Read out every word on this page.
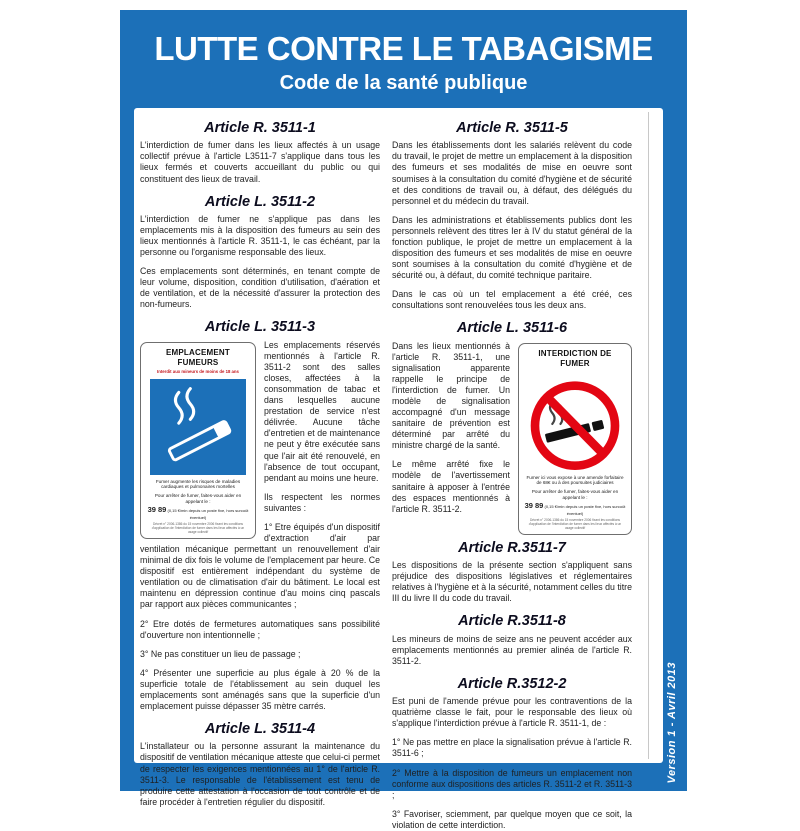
LUTTE CONTRE LE TABAGISME
Code de la santé publique
Article R. 3511-1

L'interdiction de fumer dans les lieux affectés à un usage collectif prévue à l'article L3511-7 s'applique dans tous les lieux fermés et couverts accueillant du public ou qui constituent des lieux de travail.

Article L. 3511-2

L'interdiction de fumer ne s'applique pas dans les emplacements mis à la disposition des fumeurs au sein des lieux mentionnés à l'article R. 3511-1, le cas échéant, par la personne ou l'organisme responsable des lieux.

Ces emplacements sont déterminés, en tenant compte de leur volume, disposition, condition d'utilisation, d'aération et de ventilation, et de la nécessité d'assurer la protection des non-fumeurs.

Article L. 3511-3
EMPLACEMENT FUMEURS
Interdit aux mineurs de moins de 18 ans
Fumer augmente les risques de maladies cardiaques et pulmonaires mortelles
Pour arrêter de fumer, faites-vous aider en appelant le :
39 89 (0,15 €/min depuis un poste fixe, hors surcoût éventuel)
Décret n° 2006-1386 du 15 novembre 2006 fixant les conditions d'application de l'interdiction de fumer dans les lieux affectés à un usage collectif

Les emplacements réservés mentionnés à l'article R. 3511-2 sont des salles closes, affectées à la consommation de tabac et dans lesquelles aucune prestation de service n'est délivrée. Aucune tâche d'entretien et de maintenance ne peut y être exécutée sans que l'air ait été renouvelé, en l'absence de tout occupant, pendant au moins une heure.

Ils respectent les normes suivantes :

1° Etre équipés d'un dispositif d'extraction d'air par ventilation mécanique permettant un renouvellement d'air minimal de dix fois le volume de l'emplacement par heure. Ce dispositif est entièrement indépendant du système de ventilation ou de climatisation d'air du bâtiment. Le local est maintenu en dépression continue d'au moins cinq pascals par rapport aux pièces communicantes ;

2° Etre dotés de fermetures automatiques sans possibilité d'ouverture non intentionnelle ;

3° Ne pas constituer un lieu de passage ;

4° Présenter une superficie au plus égale à 20 % de la superficie totale de l'établissement au sein duquel les emplacements sont aménagés sans que la superficie d'un emplacement puisse dépasser 35 mètre carrés.

Article L. 3511-4

L'installateur ou la personne assurant la maintenance du dispositif de ventilation mécanique atteste que celui-ci permet de respecter les exigences mentionnées au 1° de l'article R. 3511-3. Le responsable de l'établissement est tenu de produire cette attestation à l'occasion de tout contrôle et de faire procéder à l'entretien régulier du dispositif.

Article R. 3511-5

Dans les établissements dont les salariés relèvent du code du travail, le projet de mettre un emplacement à la disposition des fumeurs et ses modalités de mise en oeuvre sont soumises à la consultation du comité d'hygiène et de sécurité et des conditions de travail ou, à défaut, des délégués du personnel et du médecin du travail.

Dans les administrations et établissements publics dont les personnels relèvent des titres Ier à IV du statut général de la fonction publique, le projet de mettre un emplacement à la disposition des fumeurs et ses modalités de mise en oeuvre sont soumises à la consultation du comité d'hygiène et de sécurité ou, à défaut, du comité technique paritaire.

Dans le cas où un tel emplacement a été créé, ces consultations sont renouvelées tous les deux ans.

Article L. 3511-6
INTERDICTION DE FUMER
Fumer ici vous expose à une amende forfaitaire de 68€ ou à des poursuites judiciaires
Pour arrêter de fumer, faites-vous aider en appelant le :
39 89 (0,15 €/min depuis un poste fixe, hors surcoût éventuel)
Décret n° 2006-1386 du 15 novembre 2006 fixant les conditions d'application de l'interdiction de fumer dans les lieux affectés à un usage collectif

Dans les lieux mentionnés à l'article R. 3511-1, une signalisation apparente rappelle le principe de l'interdiction de fumer. Un modèle de signalisation accompagné d'un message sanitaire de prévention est déterminé par arrêté du ministre chargé de la santé.

Le même arrêté fixe le modèle de l'avertissement sanitaire à apposer à l'entrée des espaces mentionnés à l'article R. 3511-2.

Article R.3511-7

Les dispositions de la présente section s'appliquent sans préjudice des dispositions législatives et réglementaires relatives à l'hygiène et à la sécurité, notamment celles du titre III du livre II du code du travail.

Article R.3511-8

Les mineurs de moins de seize ans ne peuvent accéder aux emplacements mentionnés au premier alinéa de l'article R. 3511-2.

Article R.3512-2

Est puni de l'amende prévue pour les contraventions de la quatrième classe le fait, pour le responsable des lieux où s'applique l'interdiction prévue à l'article R. 3511-1, de :

1° Ne pas mettre en place la signalisation prévue à l'article R. 3511-6 ;

2° Mettre à la disposition de fumeurs un emplacement non conforme aux dispositions des articles R. 3511-2 et R. 3511-3 ;

3° Favoriser, sciemment, par quelque moyen que ce soit, la violation de cette interdiction.

Version 1 - Avril 2013
